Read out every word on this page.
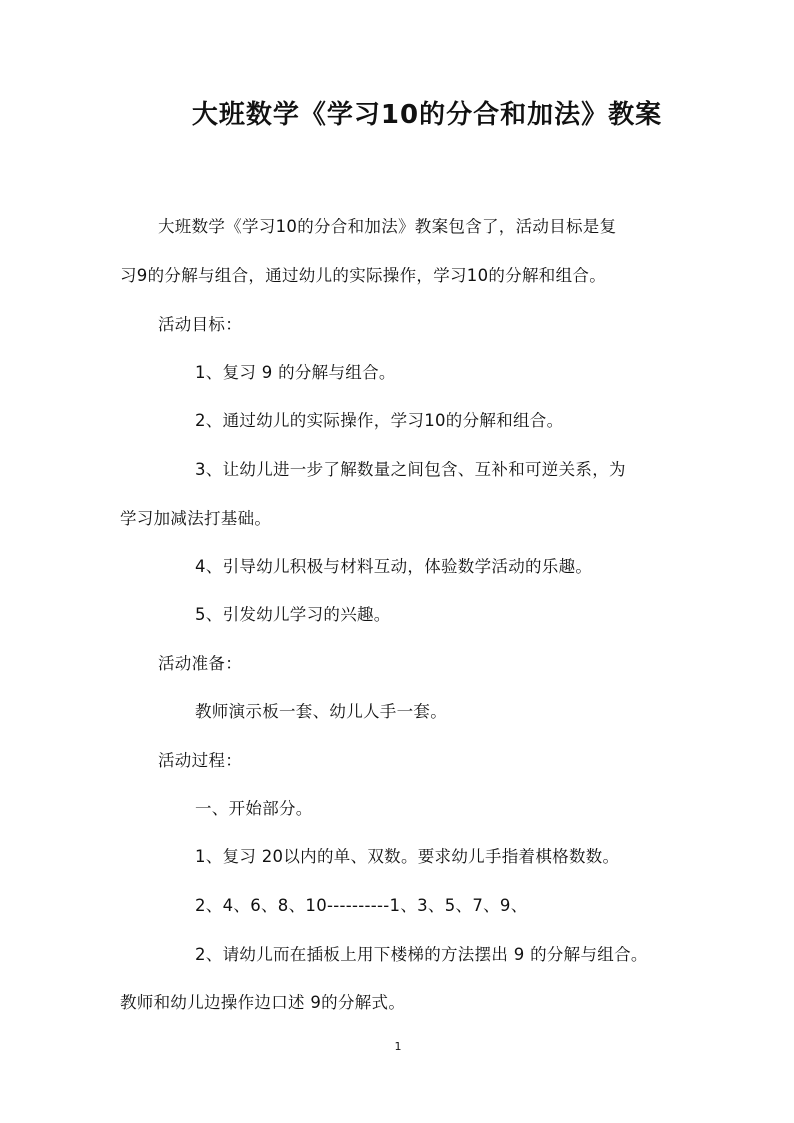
大班数学《学习10的分合和加法》教案
大班数学《学习10的分合和加法》教案包含了，活动目标是复
习9的分解与组合，通过幼儿的实际操作，学习10的分解和组合。
活动目标：
1、复习 9 的分解与组合。
2、通过幼儿的实际操作，学习10的分解和组合。
3、让幼儿进一步了解数量之间包含、互补和可逆关系，为
学习加减法打基础。
4、引导幼儿积极与材料互动，体验数学活动的乐趣。
5、引发幼儿学习的兴趣。
活动准备：
教师演示板一套、幼儿人手一套。
活动过程：
一、开始部分。
1、复习 20以内的单、双数。要求幼儿手指着棋格数数。
2、4、6、8、10----------1、3、5、7、9、
2、请幼儿而在插板上用下楼梯的方法摆出 9 的分解与组合。
教师和幼儿边操作边口述 9的分解式。
1
